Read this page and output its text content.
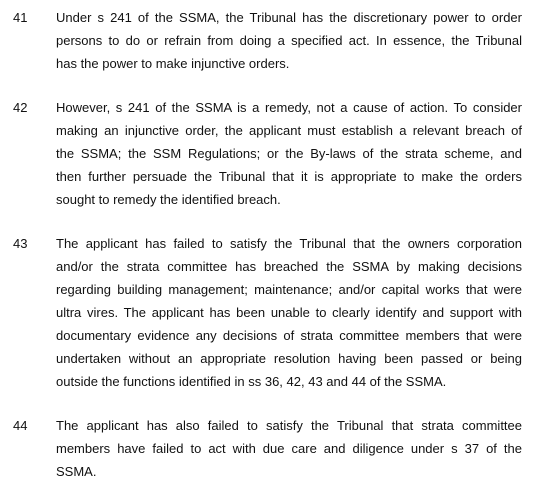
41 Under s 241 of the SSMA, the Tribunal has the discretionary power to order
persons to do or refrain from doing a specified act. In essence, the Tribunal
has the power to make injunctive orders.
42 However, s 241 of the SSMA is a remedy, not a cause of action. To consider
making an injunctive order, the applicant must establish a relevant breach of
the SSMA; the SSM Regulations; or the By-laws of the strata scheme, and
then further persuade the Tribunal that it is appropriate to make the orders
sought to remedy the identified breach.
43 The applicant has failed to satisfy the Tribunal that the owners corporation
and/or the strata committee has breached the SSMA by making decisions
regarding building management; maintenance; and/or capital works that were
ultra vires. The applicant has been unable to clearly identify and support with
documentary evidence any decisions of strata committee members that were
undertaken without an appropriate resolution having been passed or being
outside the functions identified in ss 36, 42, 43 and 44 of the SSMA.
44 The applicant has also failed to satisfy the Tribunal that strata committee
members have failed to act with due care and diligence under s 37 of the
SSMA.
